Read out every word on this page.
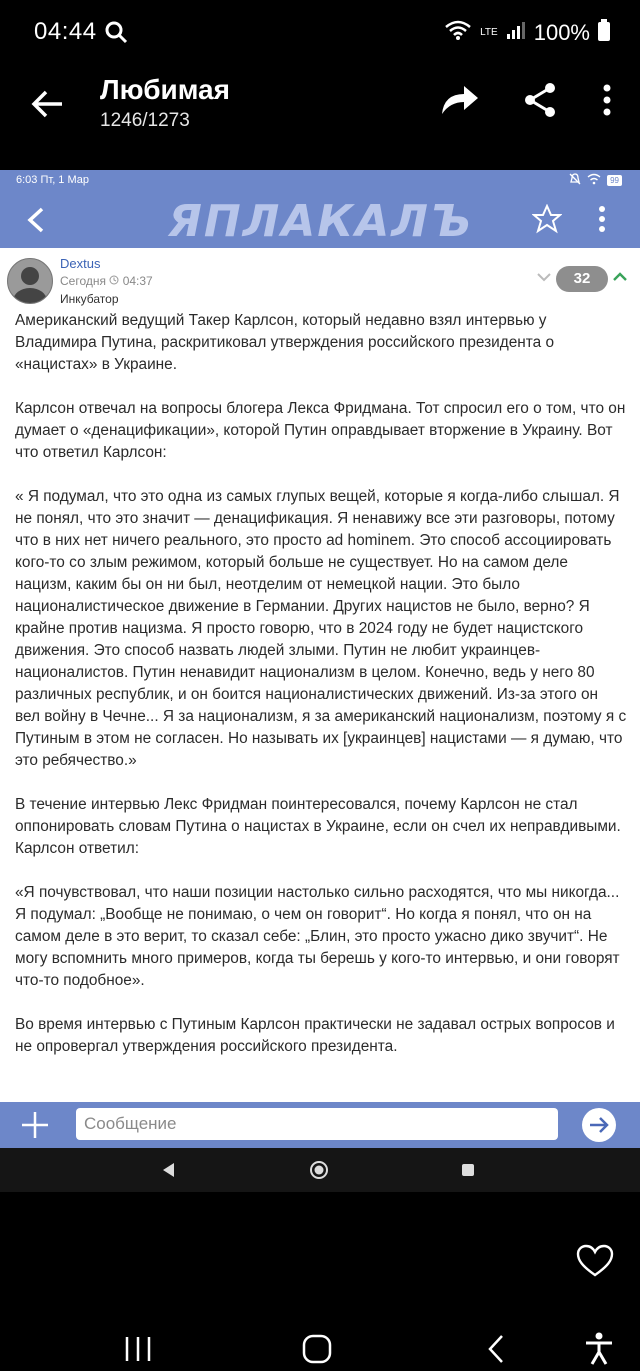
04:44	LTE 100%
Любимая
1246/1273
6:03 Пт, 1 Мар	99
ЯПЛАКАЛЪ
Dextus
Сегодня 04:37
Инкубатор
32

Американский ведущий Такер Карлсон, который недавно взял интервью у Владимира Путина, раскритиковал утверждения российского президента о «нацистах» в Украине.

Карлсон отвечал на вопросы блогера Лекса Фридмана. Тот спросил его о том, что он думает о «денацификации», которой Путин оправдывает вторжение в Украину. Вот что ответил Карлсон:

« Я подумал, что это одна из самых глупых вещей, которые я когда-либо слышал. Я не понял, что это значит — денацификация. Я ненавижу все эти разговоры, потому что в них нет ничего реального, это просто ad hominem. Это способ ассоциировать кого-то со злым режимом, который больше не существует. Но на самом деле нацизм, каким бы он ни был, неотделим от немецкой нации. Это было националистическое движение в Германии. Других нацистов не было, верно? Я крайне против нацизма. Я просто говорю, что в 2024 году не будет нацистского движения. Это способ назвать людей злыми. Путин не любит украинцев-националистов. Путин ненавидит национализм в целом. Конечно, ведь у него 80 различных республик, и он боится националистических движений. Из-за этого он вел войну в Чечне... Я за национализм, я за американский национализм, поэтому я с Путиным в этом не согласен. Но называть их [украинцев] нацистами — я думаю, что это ребячество.»

В течение интервью Лекс Фридман поинтересовался, почему Карлсон не стал оппонировать словам Путина о нацистах в Украине, если он счел их неправдивыми. Карлсон ответил:

«Я почувствовал, что наши позиции настолько сильно расходятся, что мы никогда... Я подумал: „Вообще не понимаю, о чем он говорит“. Но когда я понял, что он на самом деле в это верит, то сказал себе: „Блин, это просто ужасно дико звучит“. Не могу вспомнить много примеров, когда ты берешь у кого-то интервью, и они говорят что-то подобное».

Во время интервью с Путиным Карлсон практически не задавал острых вопросов и не опровергал утверждения российского президента.

Сообщение
